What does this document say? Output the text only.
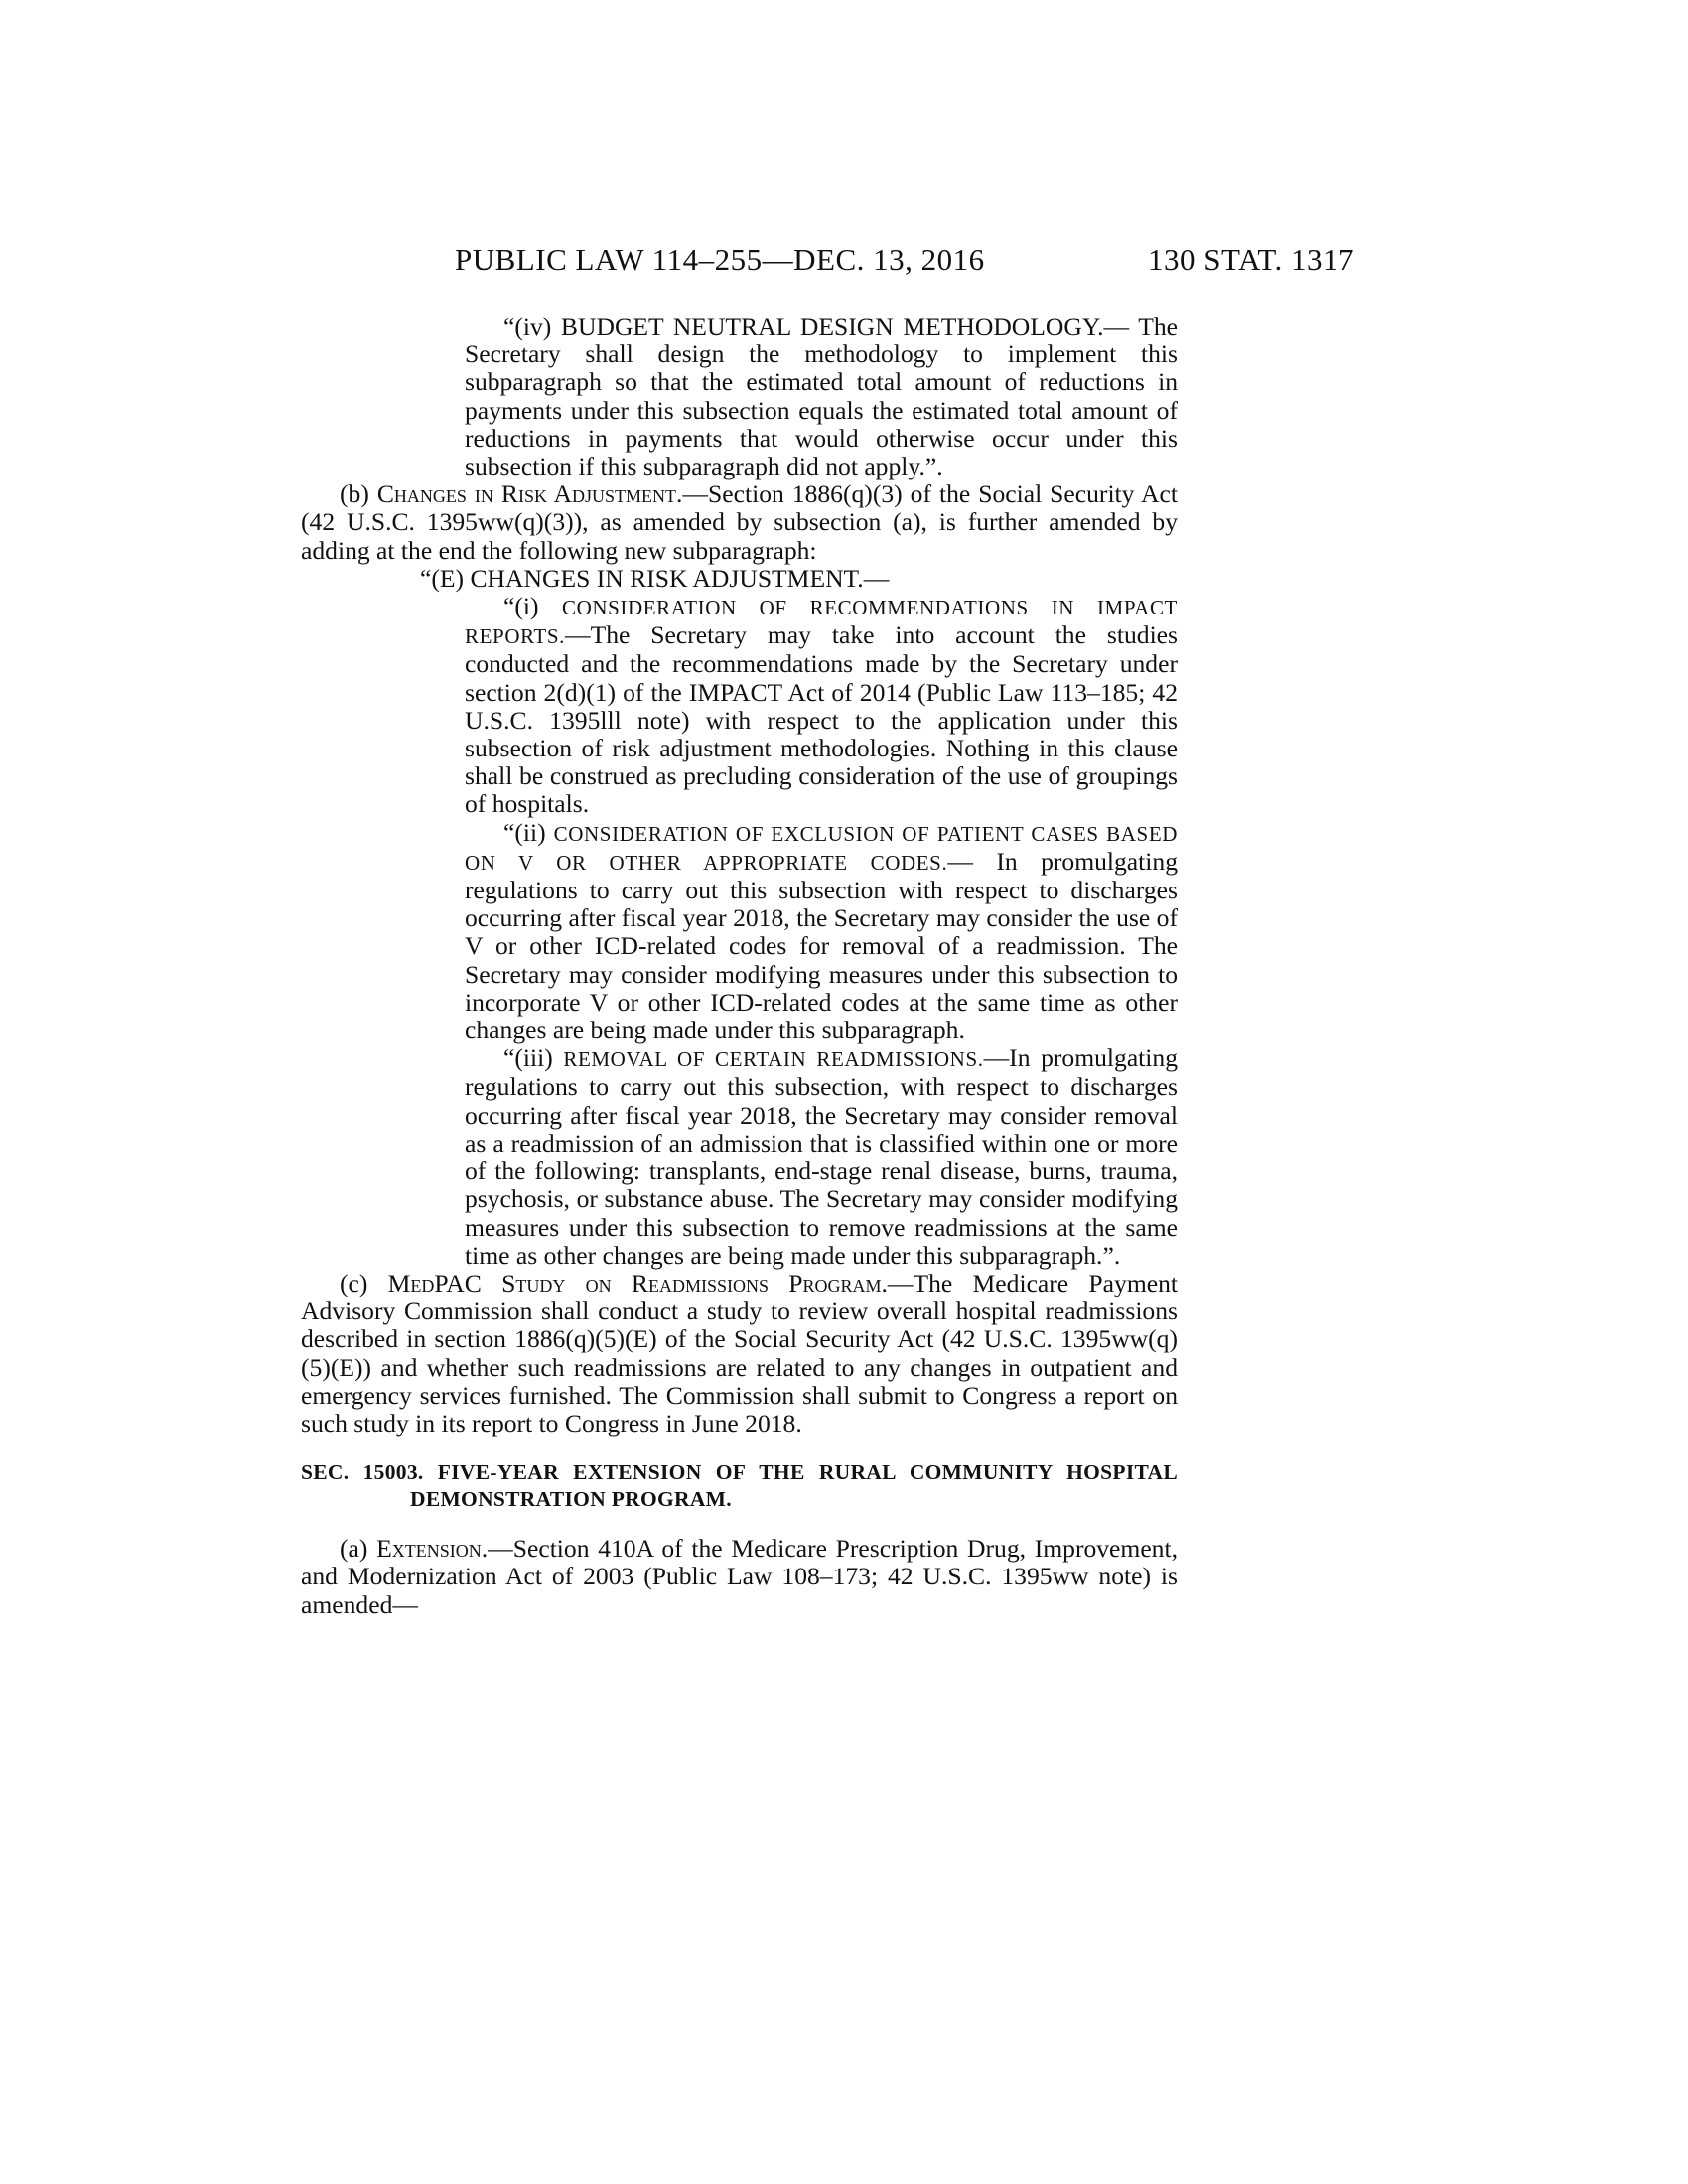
PUBLIC LAW 114–255—DEC. 13, 2016	130 STAT. 1317

“(iv) BUDGET NEUTRAL DESIGN METHODOLOGY.— The Secretary shall design the methodology to implement this subparagraph so that the estimated total amount of reductions in payments under this subsection equals the estimated total amount of reductions in payments that would otherwise occur under this subsection if this subparagraph did not apply.”.

(b) Changes in Risk Adjustment.—Section 1886(q)(3) of the Social Security Act (42 U.S.C. 1395ww(q)(3)), as amended by subsection (a), is further amended by adding at the end the following new subparagraph:

“(E) CHANGES IN RISK ADJUSTMENT.—

“(i) CONSIDERATION OF RECOMMENDATIONS IN IMPACT REPORTS.—The Secretary may take into account the studies conducted and the recommendations made by the Secretary under section 2(d)(1) of the IMPACT Act of 2014 (Public Law 113–185; 42 U.S.C. 1395lll note) with respect to the application under this subsection of risk adjustment methodologies. Nothing in this clause shall be construed as precluding consideration of the use of groupings of hospitals.

“(ii) CONSIDERATION OF EXCLUSION OF PATIENT CASES BASED ON V OR OTHER APPROPRIATE CODES.— In promulgating regulations to carry out this subsection with respect to discharges occurring after fiscal year 2018, the Secretary may consider the use of V or other ICD-related codes for removal of a readmission. The Secretary may consider modifying measures under this subsection to incorporate V or other ICD-related codes at the same time as other changes are being made under this subparagraph.

“(iii) REMOVAL OF CERTAIN READMISSIONS.—In promulgating regulations to carry out this subsection, with respect to discharges occurring after fiscal year 2018, the Secretary may consider removal as a readmission of an admission that is classified within one or more of the following: transplants, end-stage renal disease, burns, trauma, psychosis, or substance abuse. The Secretary may consider modifying measures under this subsection to remove readmissions at the same time as other changes are being made under this subparagraph.”.

(c) MedPAC Study on Readmissions Program.—The Medicare Payment Advisory Commission shall conduct a study to review overall hospital readmissions described in section 1886(q)(5)(E) of the Social Security Act (42 U.S.C. 1395ww(q)(5)(E)) and whether such readmissions are related to any changes in outpatient and emergency services furnished. The Commission shall submit to Congress a report on such study in its report to Congress in June 2018.

SEC. 15003. FIVE-YEAR EXTENSION OF THE RURAL COMMUNITY HOSPITAL DEMONSTRATION PROGRAM.

(a) Extension.—Section 410A of the Medicare Prescription Drug, Improvement, and Modernization Act of 2003 (Public Law 108–173; 42 U.S.C. 1395ww note) is amended—
